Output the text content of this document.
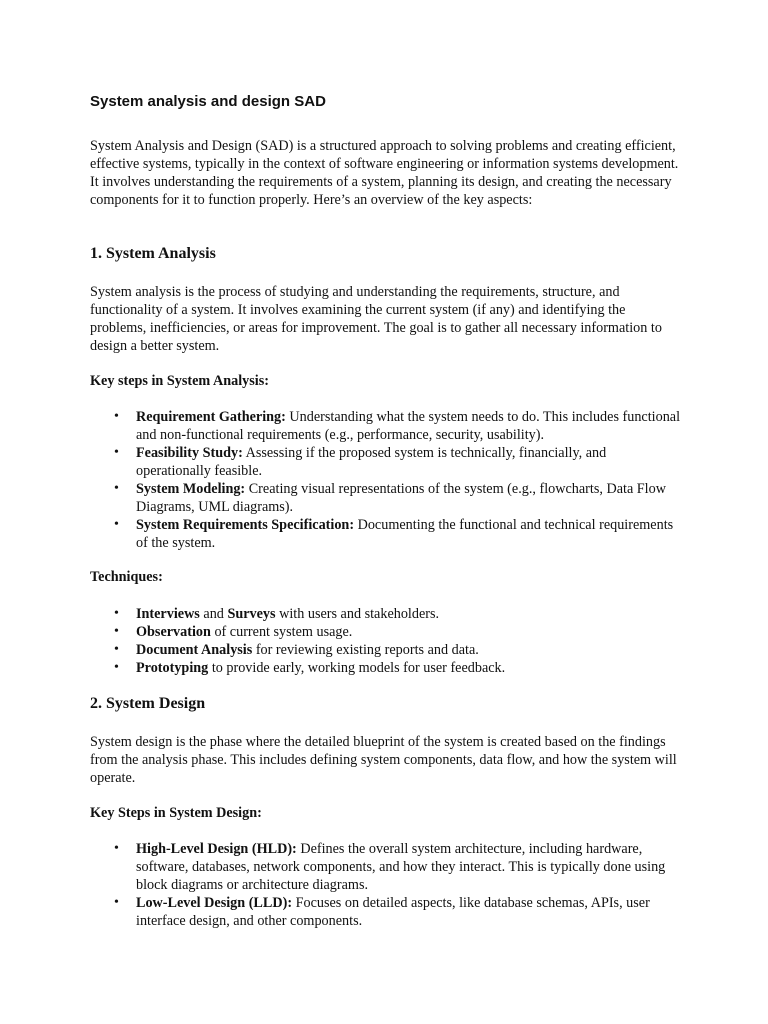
System analysis and design SAD

System Analysis and Design (SAD) is a structured approach to solving problems and creating efficient, effective systems, typically in the context of software engineering or information systems development. It involves understanding the requirements of a system, planning its design, and creating the necessary components for it to function properly. Here’s an overview of the key aspects:

1. System Analysis

System analysis is the process of studying and understanding the requirements, structure, and functionality of a system. It involves examining the current system (if any) and identifying the problems, inefficiencies, or areas for improvement. The goal is to gather all necessary information to design a better system.

Key steps in System Analysis:
• Requirement Gathering: Understanding what the system needs to do. This includes functional and non-functional requirements (e.g., performance, security, usability).
• Feasibility Study: Assessing if the proposed system is technically, financially, and operationally feasible.
• System Modeling: Creating visual representations of the system (e.g., flowcharts, Data Flow Diagrams, UML diagrams).
• System Requirements Specification: Documenting the functional and technical requirements of the system.
Techniques:
• Interviews and Surveys with users and stakeholders.
• Observation of current system usage.
• Document Analysis for reviewing existing reports and data.
• Prototyping to provide early, working models for user feedback.
2. System Design

System design is the phase where the detailed blueprint of the system is created based on the findings from the analysis phase. This includes defining system components, data flow, and how the system will operate.

Key Steps in System Design:
• High-Level Design (HLD): Defines the overall system architecture, including hardware, software, databases, network components, and how they interact. This is typically done using block diagrams or architecture diagrams.
• Low-Level Design (LLD): Focuses on detailed aspects, like database schemas, APIs, user interface design, and other components.
